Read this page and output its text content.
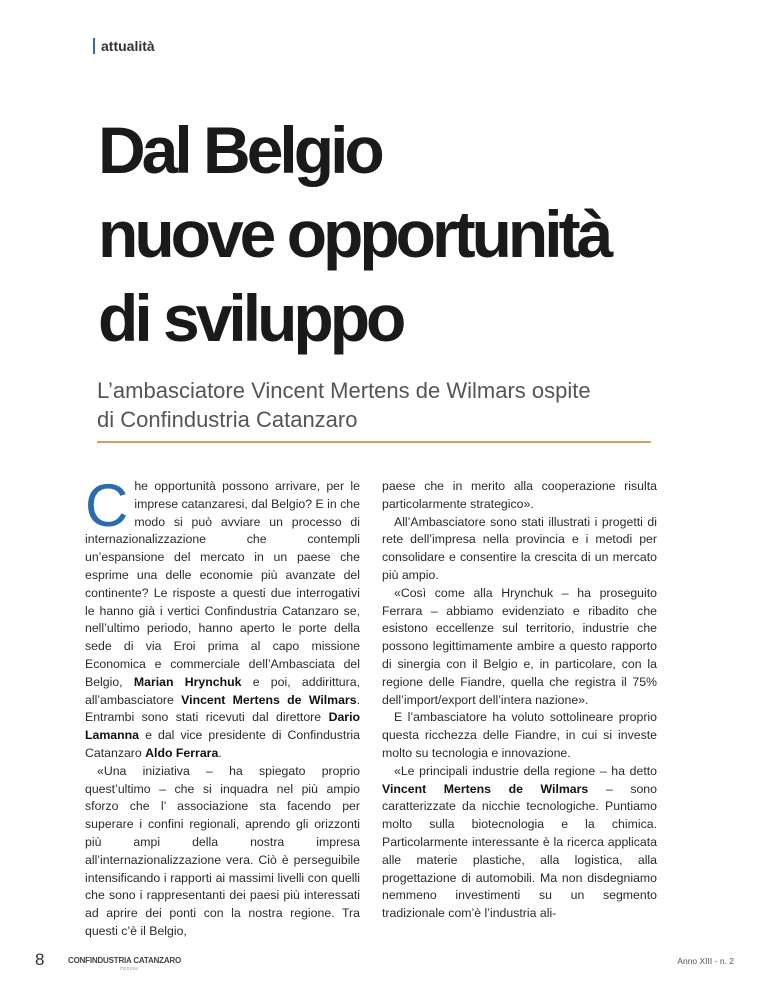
attualità
Dal Belgio
nuove opportunità
di sviluppo
L’ambasciatore Vincent Mertens de Wilmars ospite
di Confindustria Catanzaro

Che opportunità possono arrivare, per le imprese catanzaresi, dal Belgio? E in che modo si può avviare un processo di internazionalizzazione che contempli un’espansione del mercato in un paese che esprime una delle economie più avanzate del continente? Le risposte a questi due interrogativi le hanno già i vertici Confindustria Catanzaro se, nell’ultimo periodo, hanno aperto le porte della sede di via Eroi prima al capo missione Economica e commerciale dell’Ambasciata del Belgio, Marian Hrynchuk e poi, addirittura, all’ambasciatore Vincent Mertens de Wilmars. Entrambi sono stati ricevuti dal direttore Dario Lamanna e dal vice presidente di Confindustria Catanzaro Aldo Ferrara.

«Una iniziativa – ha spiegato proprio quest’ultimo – che si inquadra nel più ampio sforzo che l’ associazione sta facendo per superare i confini regionali, aprendo gli orizzonti più ampi della nostra impresa all’internazionalizzazione vera. Ciò è perseguibile intensificando i rapporti ai massimi livelli con quelli che sono i rappresentanti dei paesi più interessati ad aprire dei ponti con la nostra regione. Tra questi c’è il Belgio,

paese che in merito alla cooperazione risulta particolarmente strategico».

All’Ambasciatore sono stati illustrati i progetti di rete dell’impresa nella provincia e i metodi per consolidare e consentire la crescita di un mercato più ampio.

«Così come alla Hrynchuk – ha proseguito Ferrara – abbiamo evidenziato e ribadito che esistono eccellenze sul territorio, industrie che possono legittimamente ambire a questo rapporto di sinergia con il Belgio e, in particolare, con la regione delle Fiandre, quella che registra il 75% dell’import/export dell’intera nazione».

E l’ambasciatore ha voluto sottolineare proprio questa ricchezza delle Fiandre, in cui si investe molto su tecnologia e innovazione.

«Le principali industrie della regione – ha detto Vincent Mertens de Wilmars – sono caratterizzate da nicchie tecnologiche. Puntiamo molto sulla biotecnologia e la chimica. Particolarmente interessante è la ricerca applicata alle materie plastiche, alla logistica, alla progettazione di automobili. Ma non disdegniamo nemmeno investimenti su un segmento tradizionale com’è l’industria ali-

8	CONFINDUSTRIA CATANZARO
impresa
Anno XIII - n. 2
